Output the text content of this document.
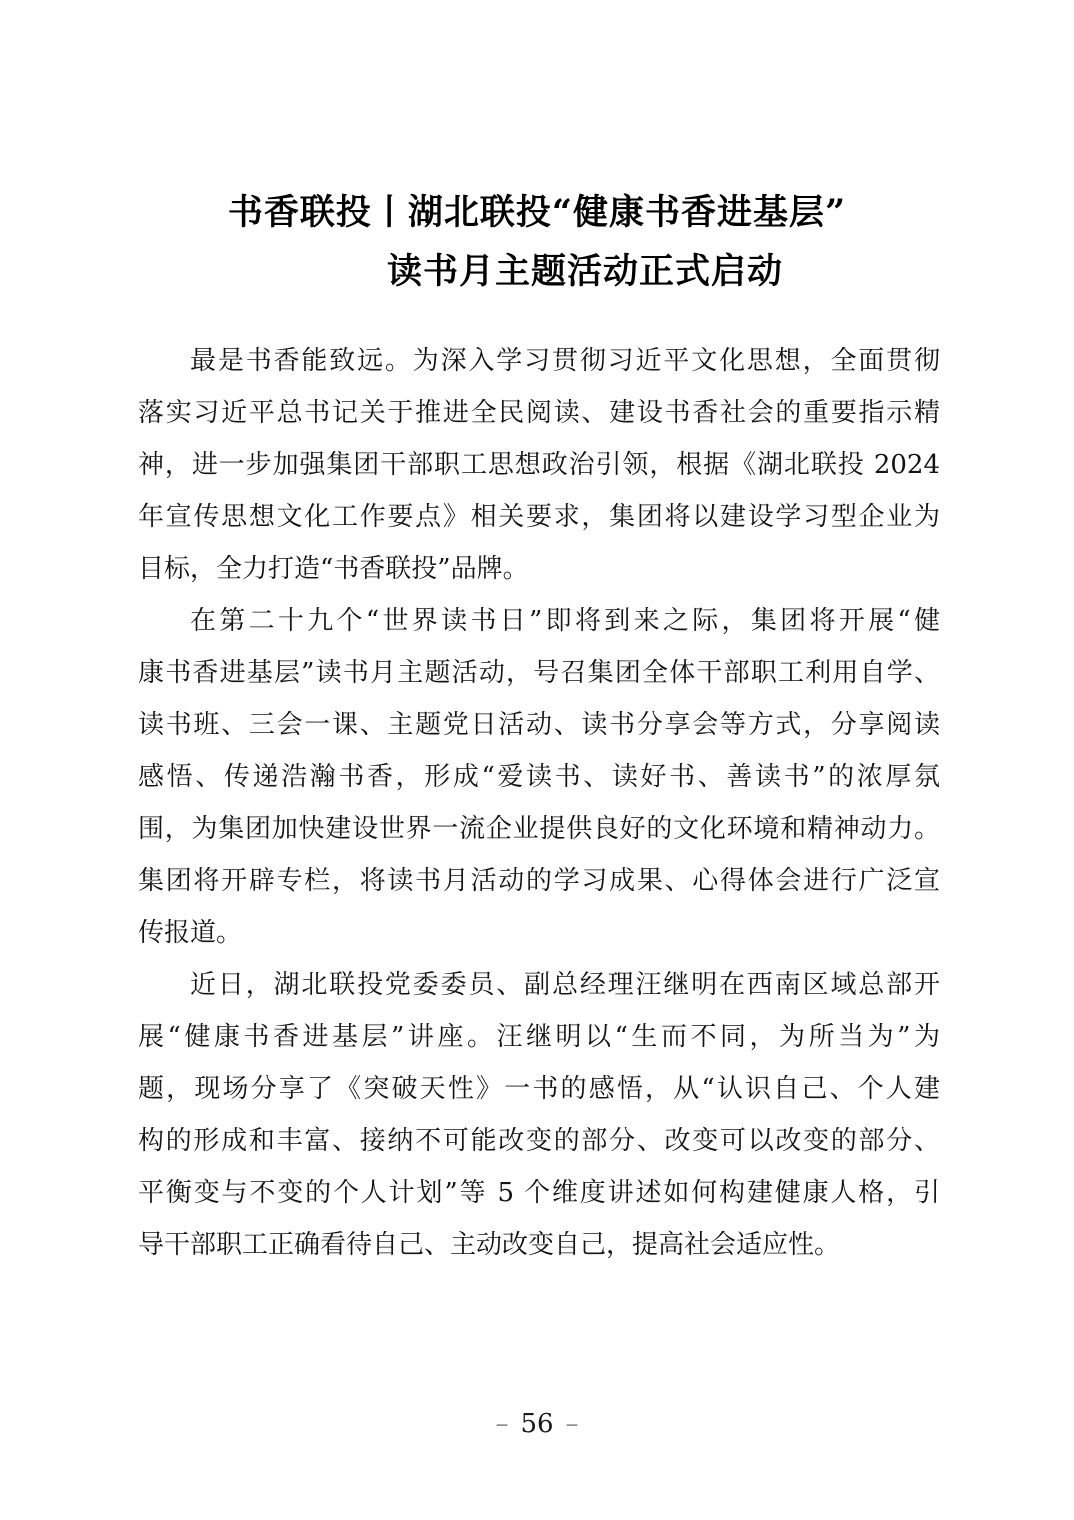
书香联投丨湖北联投“健康书香进基层”
读书月主题活动正式启动
最是书香能致远。为深入学习贯彻习近平文化思想，全面贯彻
落实习近平总书记关于推进全民阅读、建设书香社会的重要指示精
神，进一步加强集团干部职工思想政治引领，根据《湖北联投 2024
年宣传思想文化工作要点》相关要求，集团将以建设学习型企业为
目标，全力打造“书香联投”品牌。
在第二十九个“世界读书日”即将到来之际，集团将开展“健
康书香进基层”读书月主题活动，号召集团全体干部职工利用自学、
读书班、三会一课、主题党日活动、读书分享会等方式，分享阅读
感悟、传递浩瀚书香，形成“爱读书、读好书、善读书”的浓厚氛
围，为集团加快建设世界一流企业提供良好的文化环境和精神动力。
集团将开辟专栏，将读书月活动的学习成果、心得体会进行广泛宣
传报道。
近日，湖北联投党委委员、副总经理汪继明在西南区域总部开
展“健康书香进基层”讲座。汪继明以“生而不同，为所当为”为
题，现场分享了《突破天性》一书的感悟，从“认识自己、个人建
构的形成和丰富、接纳不可能改变的部分、改变可以改变的部分、
平衡变与不变的个人计划”等 5 个维度讲述如何构建健康人格，引
导干部职工正确看待自己、主动改变自己，提高社会适应性。
– 56 –
